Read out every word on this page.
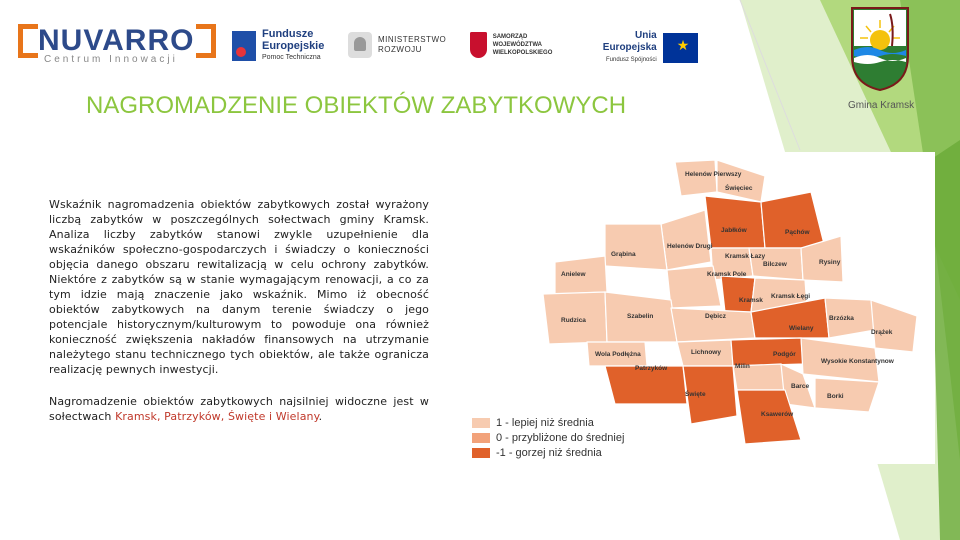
NUVARRO
Centrum Innowacji
Fundusze
Europejskie
Pomoc Techniczna
MINISTERSTWO
ROZWOJU
SAMORZĄD WOJEWÓDZTWA
WIELKOPOLSKIEGO
Unia Europejska
Fundusz Spójności
★
Gmina Kramsk
NAGROMADZENIE OBIEKTÓW ZABYTKOWYCH

Wskaźnik nagromadzenia obiektów zabytkowych został wyrażony liczbą zabytków w poszczególnych sołectwach gminy Kramsk. Analiza liczby zabytków stanowi zwykle uzupełnienie dla wskaźników społeczno-gospodarczych i świadczy o konieczności objęcia danego obszaru rewitalizacją w celu ochrony zabytków. Niektóre z zabytków są w stanie wymagającym renowacji, a co za tym idzie mają znaczenie jako wskaźnik. Mimo iż obecność obiektów zabytkowych na danym terenie świadczy o jego potencjale historycznym/kulturowym to powoduje ona również konieczność zwiększenia nakładów finansowych na utrzymanie należytego stanu technicznego tych obiektów, ale także ogranicza realizację pewnych inwestycji.

Nagromadzenie obiektów zabytkowych najsilniej widoczne jest w sołectwach Kramsk, Patrzyków, Święte i Wielany.

Helenów Pierwszy
Święciec
Jabłków	Pąchów
Grąbina
Helenów Drugi
Kramsk Łazy
Bilczew	Rysiny
Anielew	Kramsk Pole
Kramsk
Kramsk Łęgi
Rudzica
Szabelin	Dębicz
Wielany
Brzózka
Drążek
Wola Podłężna	Lichnowy	Podgór
Milin
Wysokie Konstantynow
Patrzyków
Barce
Borki
Święte
Ksawerów
1 - lepiej niż średnia
0 - przybliżone do średniej
-1 - gorzej niż średnia
